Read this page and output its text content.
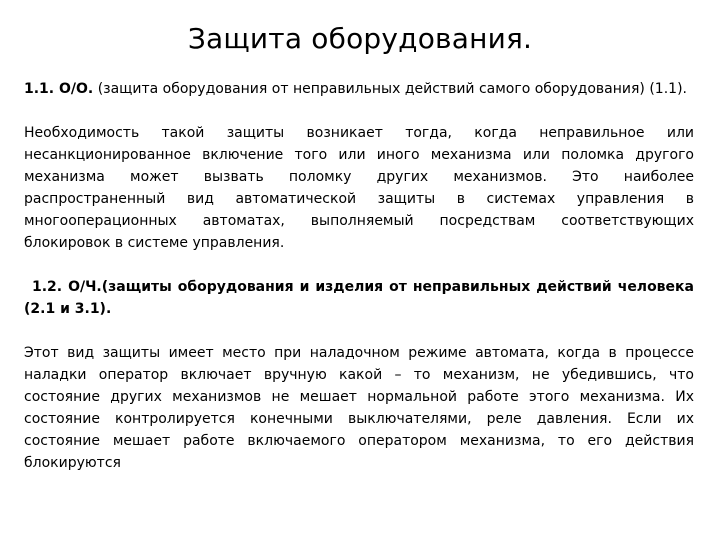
Защита оборудования.

1.1. О/О. (защита оборудования от неправильных действий самого оборудования) (1.1).

Необходимость такой защиты возникает тогда, когда неправильное или несанкционированное включение того или иного механизма или поломка другого механизма может вызвать поломку других механизмов. Это наиболее распространенный вид автоматической защиты в системах управления в многооперационных автоматах, выполняемый посредствам соответствующих блокировок в системе управления.

1.2. О/Ч.(защиты оборудования и изделия от неправильных действий человека (2.1 и 3.1).

Этот вид защиты имеет место при наладочном режиме автомата, когда в процессе наладки оператор включает вручную какой – то механизм, не убедившись, что состояние других механизмов не мешает нормальной работе этого механизма. Их состояние контролируется конечными выключателями, реле давления. Если их состояние мешает работе включаемого оператором механизма, то его действия блокируются
